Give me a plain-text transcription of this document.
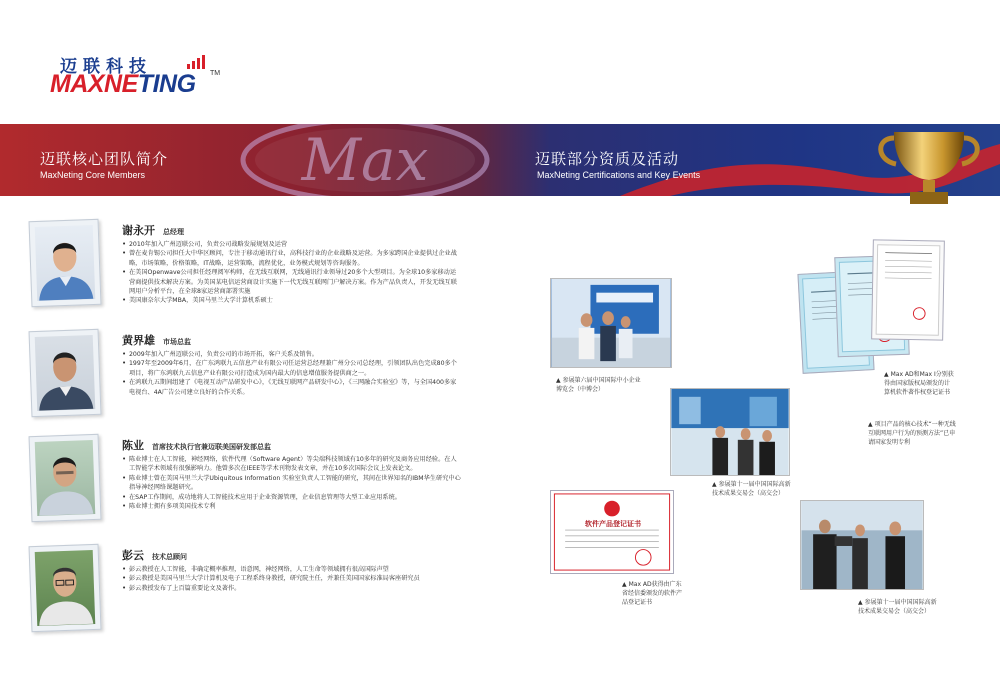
迈联科技
MAXNETING TM
Max
迈联核心团队简介
MaxNeting Core Members
迈联部分资质及活动
MaxNeting Certifications and Key Events
谢永开 总经理
• 2010年加入广州迈联公司，负责公司战略发展规划及运营
• 曾在麦肯锡公司担任大中华区顾问，专注于移动通讯行业，高科技行业的企业战略及运营。为多家跨国企业提供过企业战略，市场策略，价格策略，IT战略，运营策略，流程优化，业务模式规划等咨询服务。
• 在美国Openwave公司担任经理阅军构师，在无线互联网，无线通讯行业领导过20多个大型项目。为全球10多家移动运营商提供技术解决方案。为美国某电信运营商设计实施下一代无线互联网门户解决方案。作为产品负责人，开发无线互联网用户分析平台，在全球8家运营商部署实施
• 美国康奈尔大学MBA，美国马里兰大学计算机系硕士
黄界雄 市场总监
• 2009年加入广州迈联公司，负责公司的市场开拓，客户关系及销售。
• 1997年至2009年6月，在广东鸿联九五信息产业有限公司任运营总经理兼广州分公司总经理，引领团队出色完成80多个项目，将广东鸿联九五信息产业有限公司打造成为国内最大的信息增值服务提供商之一。
• 在鸿联九五期间组建了《电视互动产品研发中心》，《无线互联网产品研发中心》，《三网融合实验室》等，与全国400多家电视台、4A广告公司建立良好的合作关系。
陈业 首席技术执行官兼迈联美国研发部总监
• 陈业博士在人工智能，神经网络，软件代理（Software Agent）等尖端科技领域有10多年的研究及商务应用经验。在人工智能学术领域有很强影响力。他曾多次在IEEE等学术刊物发表文章，并在10多次国际会议上发表论文。
• 陈业博士曾在美国马里兰大学Ubiquitous Information 实验室负责人工智能的研究，其间在世界知名的IBM华生研究中心指导神经网络课题研究。
• 在SAP工作期间，成功地将人工智能技术应用于企业资源管理，企业信息管理等大型工业应用系统。
• 陈业博士拥有多项美国技术专利
彭云 技术总顾问
• 彭云教授在人工智能，非确定概率推理，语意网，神经网络，人工生命等领域拥有很高国际声望
• 彭云教授是美国马里兰大学计算机及电子工程系终身教授，研究院主任，并兼任美国国家标准局客座研究员
• 彭云教授发布了上百篇重要论文及著作。
▲ 参展第六届中国国际中小企业博览会（中博会）
▲ 参展第十一届中国国际高新技术成果交易会（高交会）
▲ Max AD和Max I分别获得由国家版权局颁发的计算机软件著作权登记证书
▲ 项目产品的核心技术“一种无线互联网用户行为的预测方法”已申请国家发明专利
软件产品登记证书
▲ Max AD获得由广东省经信委颁发的软件产品登记证书	▲ 参展第十一届中国国际高新技术成果交易会（高交会）
